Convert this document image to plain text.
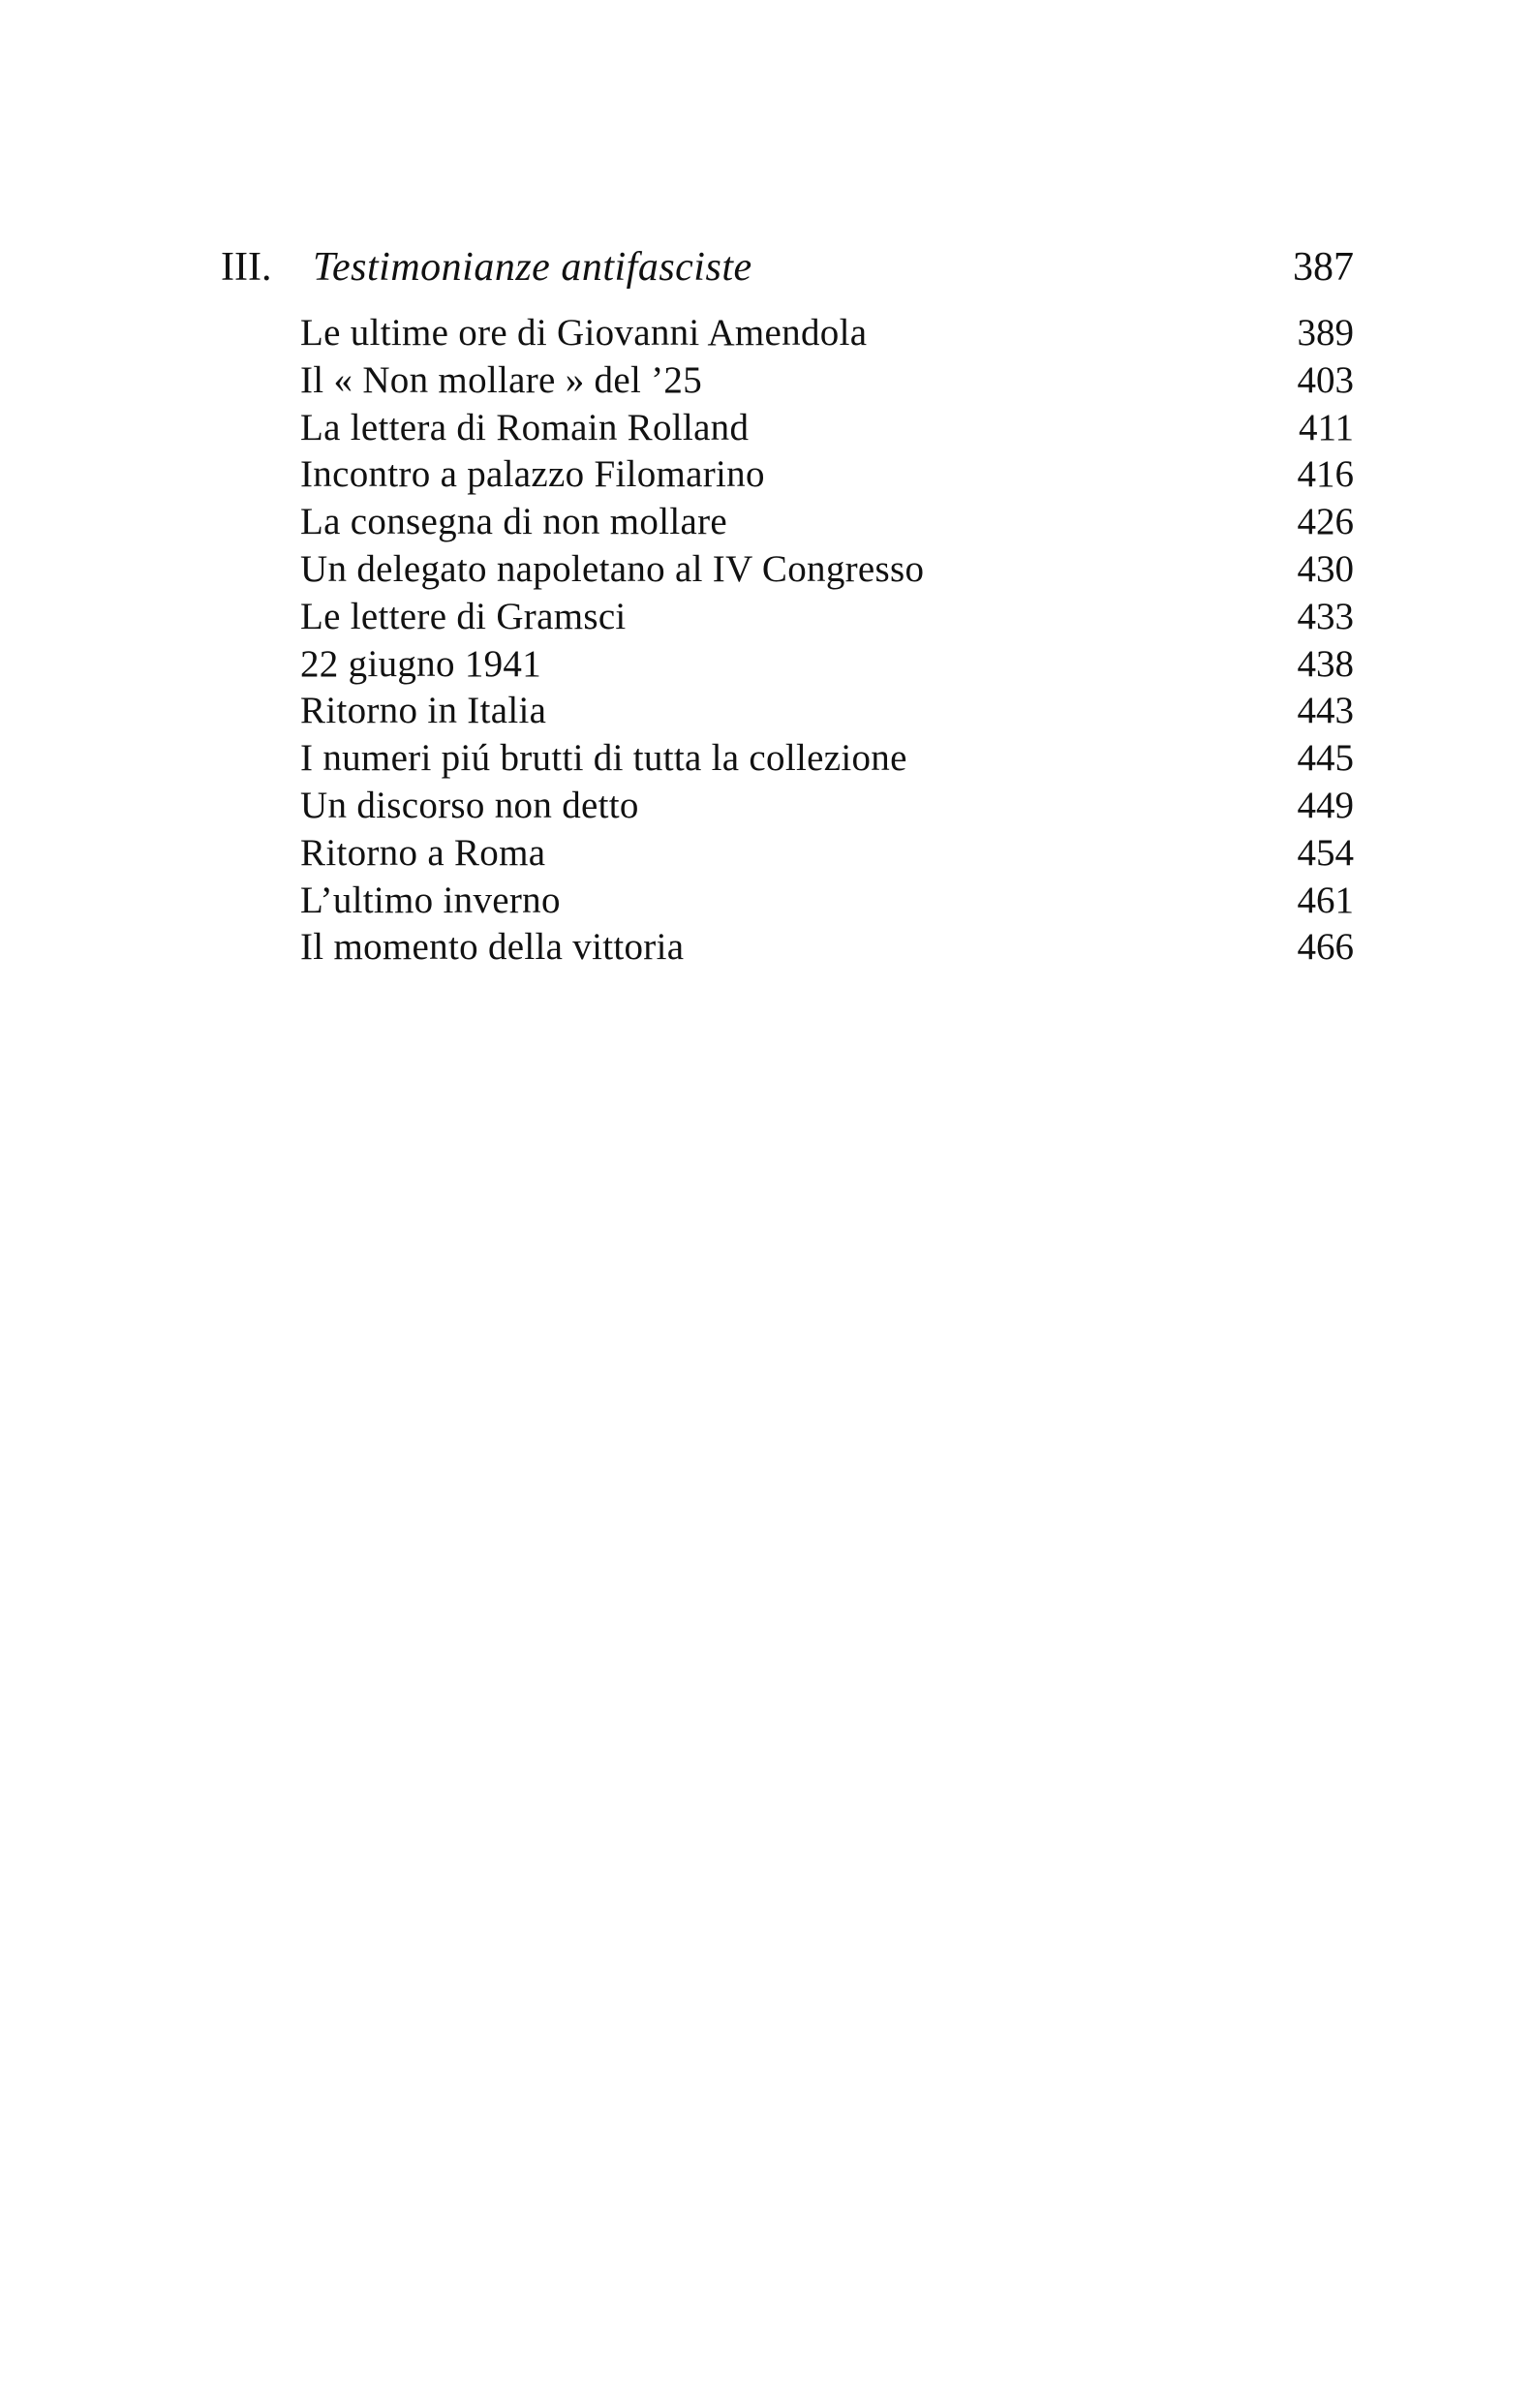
III. Testimonianze antifasciste	387
Le ultime ore di Giovanni Amendola	389
Il « Non mollare » del ’25	403
La lettera di Romain Rolland	411
Incontro a palazzo Filomarino	416
La consegna di non mollare	426
Un delegato napoletano al IV Congresso	430
Le lettere di Gramsci	433
22 giugno 1941	438
Ritorno in Italia	443
I numeri piú brutti di tutta la collezione	445
Un discorso non detto	449
Ritorno a Roma	454
L’ultimo inverno	461
Il momento della vittoria	466
